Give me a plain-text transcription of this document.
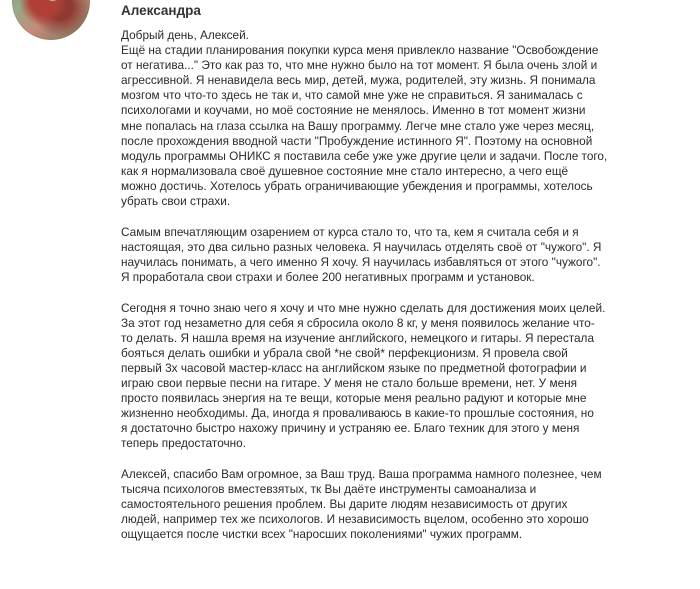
Александра
Добрый день, Алексей.
Ещё на стадии планирования покупки курса меня привлекло название "Освобождение
от негатива..." Это как раз то, что мне нужно было на тот момент. Я была очень злой и
агрессивной. Я ненавидела весь мир, детей, мужа, родителей, эту жизнь. Я понимала
мозгом что что-то здесь не так и, что самой мне уже не справиться. Я занималась с
психологами и коучами, но моё состояние не менялось. Именно в тот момент жизни
мне попалась на глаза ссылка на Вашу программу. Легче мне стало уже через месяц,
после прохождения вводной части "Пробуждение истинного Я". Поэтому на основной
модуль программы ОНИКС я поставила себе уже уже другие цели и задачи. После того,
как я нормализовала своё душевное состояние мне стало интересно, а чего ещё
можно достичь. Хотелось убрать ограничивающие убеждения и программы, хотелось
убрать свои страхи.
Самым впечатляющим озарением от курса стало то, что та, кем я считала себя и я
настоящая, это два сильно разных человека. Я научилась отделять своё от "чужого". Я
научилась понимать, а чего именно Я хочу. Я научилась избавляться от этого "чужого".
Я проработала свои страхи и более 200 негативных программ и установок.
Сегодня я точно знаю чего я хочу и что мне нужно сделать для достижения моих целей.
За этот год незаметно для себя я сбросила около 8 кг, у меня появилось желание что-
то делать. Я нашла время на изучение английского, немецкого и гитары. Я перестала
бояться делать ошибки и убрала свой *не свой* перфекционизм. Я провела свой
первый 3х часовой мастер-класс на английском языке по предметной фотографии и
играю свои первые песни на гитаре. У меня не стало больше времени, нет. У меня
просто появилась энергия на те вещи, которые меня реально радуют и которые мне
жизненно необходимы. Да, иногда я проваливаюсь в какие-то прошлые состояния, но
я достаточно быстро нахожу причину и устраняю ее. Благо техник для этого у меня
теперь предостаточно.
Алексей, спасибо Вам огромное, за Ваш труд. Ваша программа намного полезнее, чем
тысяча психологов вместевзятых, тк Вы даёте инструменты самоанализа и
самостоятельного решения проблем. Вы дарите людям независимость от других
людей, например тех же психологов. И независимость вцелом, особенно это хорошо
ощущается после чистки всех "наросших поколениями" чужих программ.
